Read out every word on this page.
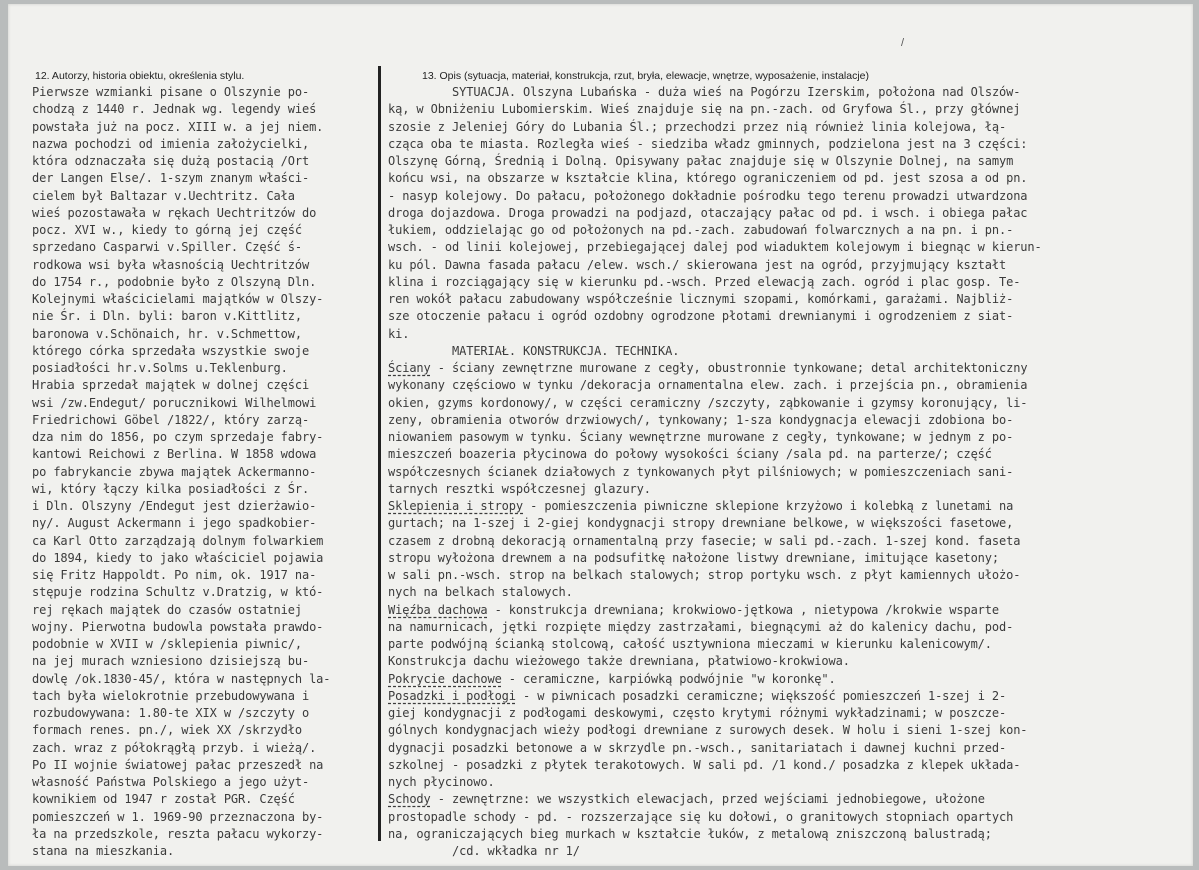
/
12. Autorzy, historia obiektu, określenia stylu.	13. Opis (sytuacja, materiał, konstrukcja, rzut, bryła, elewacje, wnętrze, wyposażenie, instalacje)
Pierwsze wzmianki pisane o Olszynie po-
chodzą z 1440 r. Jednak wg. legendy wieś
powstała już na pocz. XIII w. a jej niem.
nazwa pochodzi od imienia założycielki,
która odznaczała się dużą postacią /Ort
der Langen Else/. 1-szym znanym właści-
cielem był Baltazar v.Uechtritz. Cała
wieś pozostawała w rękach Uechtritzów do
pocz. XVI w., kiedy to górną jej część
sprzedano Casparwi v.Spiller. Część ś-
rodkowa wsi była własnością Uechtritzów
do 1754 r., podobnie było z Olszyną Dln.
Kolejnymi właścicielami majątków w Olszy-
nie Śr. i Dln. byli: baron v.Kittlitz,
baronowa v.Schönaich, hr. v.Schmettow,
którego córka sprzedała wszystkie swoje
posiadłości hr.v.Solms u.Teklenburg.
Hrabia sprzedał majątek w dolnej części
wsi /zw.Endegut/ porucznikowi Wilhelmowi
Friedrichowi Göbel /1822/, który zarzą-
dza nim do 1856, po czym sprzedaje fabry-
kantowi Reichowi z Berlina. W 1858 wdowa
po fabrykancie zbywa majątek Ackermanno-
wi, który łączy kilka posiadłości z Śr.
i Dln. Olszyny /Endegut jest dzierżawio-
ny/. August Ackermann i jego spadkobier-
ca Karl Otto zarządzają dolnym folwarkiem
do 1894, kiedy to jako właściciel pojawia
się Fritz Happoldt. Po nim, ok. 1917 na-
stępuje rodzina Schultz v.Dratzig, w któ-
rej rękach majątek do czasów ostatniej
wojny. Pierwotna budowla powstała prawdo-
podobnie w XVII w /sklepienia piwnic/,
na jej murach wzniesiono dzisiejszą bu-
dowlę /ok.1830-45/, która w następnych la-
tach była wielokrotnie przebudowywana i
rozbudowywana: 1.80-te XIX w /szczyty o
formach renes. pn./, wiek XX /skrzydło
zach. wraz z półokrągłą przyb. i wieżą/.
Po II wojnie światowej pałac przeszedł na
własność Państwa Polskiego a jego użyt-
kownikiem od 1947 r został PGR. Część
pomieszczeń w 1. 1969-90 przeznaczona by-
ła na przedszkole, reszta pałacu wykorzy-
stana na mieszkania.
SYTUACJA. Olszyna Lubańska - duża wieś na Pogórzu Izerskim, położona nad Olszów-
ką, w Obniżeniu Lubomierskim. Wieś znajduje się na pn.-zach. od Gryfowa Śl., przy głównej
szosie z Jeleniej Góry do Lubania Śl.; przechodzi przez nią również linia kolejowa, łą-
cząca oba te miasta. Rozległa wieś - siedziba władz gminnych, podzielona jest na 3 części:
Olszynę Górną, Średnią i Dolną. Opisywany pałac znajduje się w Olszynie Dolnej, na samym
końcu wsi, na obszarze w kształcie klina, którego ograniczeniem od pd. jest szosa a od pn.
- nasyp kolejowy. Do pałacu, położonego dokładnie pośrodku tego terenu prowadzi utwardzona
droga dojazdowa. Droga prowadzi na podjazd, otaczający pałac od pd. i wsch. i obiega pałac
łukiem, oddzielając go od położonych na pd.-zach. zabudowań folwarcznych a na pn. i pn.-
wsch. - od linii kolejowej, przebiegającej dalej pod wiaduktem kolejowym i biegnąc w kierun-
ku pól. Dawna fasada pałacu /elew. wsch./ skierowana jest na ogród, przyjmujący kształt
klina i rozciągający się w kierunku pd.-wsch. Przed elewacją zach. ogród i plac gosp. Te-
ren wokół pałacu zabudowany współcześnie licznymi szopami, komórkami, garażami. Najbliż-
sze otoczenie pałacu i ogród ozdobny ogrodzone płotami drewnianymi i ogrodzeniem z siat-
ki.
MATERIAŁ. KONSTRUKCJA. TECHNIKA.
Ściany - ściany zewnętrzne murowane z cegły, obustronnie tynkowane; detal architektoniczny
wykonany częściowo w tynku /dekoracja ornamentalna elew. zach. i przejścia pn., obramienia
okien, gzyms kordonowy/, w części ceramiczny /szczyty, ząbkowanie i gzymsy koronujący, li-
zeny, obramienia otworów drzwiowych/, tynkowany; 1-sza kondygnacja elewacji zdobiona bo-
niowaniem pasowym w tynku. Ściany wewnętrzne murowane z cegły, tynkowane; w jednym z po-
mieszczeń boazeria płycinowa do połowy wysokości ściany /sala pd. na parterze/; część
współczesnych ścianek działowych z tynkowanych płyt pilśniowych; w pomieszczeniach sani-
tarnych resztki współczesnej glazury.
Sklepienia i stropy - pomieszczenia piwniczne sklepione krzyżowo i kolebką z lunetami na
gurtach; na 1-szej i 2-giej kondygnacji stropy drewniane belkowe, w większości fasetowe,
czasem z drobną dekoracją ornamentalną przy fasecie; w sali pd.-zach. 1-szej kond. faseta
stropu wyłożona drewnem a na podsufitkę nałożone listwy drewniane, imitujące kasetony;
w sali pn.-wsch. strop na belkach stalowych; strop portyku wsch. z płyt kamiennych ułożo-
nych na belkach stalowych.
Więźba dachowa - konstrukcja drewniana; krokwiowo-jętkowa , nietypowa /krokwie wsparte
na namurnicach, jętki rozpięte między zastrzałami, biegnącymi aż do kalenicy dachu, pod-
parte podwójną ścianką stolcową, całość usztywniona mieczami w kierunku kalenicowym/.
Konstrukcja dachu wieżowego także drewniana, płatwiowo-krokwiowa.
Pokrycie dachowe - ceramiczne, karpiówką podwójnie "w koronkę".
Posadzki i podłogi - w piwnicach posadzki ceramiczne; większość pomieszczeń 1-szej i 2-
giej kondygnacji z podłogami deskowymi, często krytymi różnymi wykładzinami; w poszcze-
gólnych kondygnacjach wieży podłogi drewniane z surowych desek. W holu i sieni 1-szej kon-
dygnacji posadzki betonowe a w skrzydle pn.-wsch., sanitariatach i dawnej kuchni przed-
szkolnej - posadzki z płytek terakotowych. W sali pd. /1 kond./ posadzka z klepek układa-
nych płycinowo.
Schody - zewnętrzne: we wszystkich elewacjach, przed wejściami jednobiegowe, ułożone
prostopadle schody - pd. - rozszerzające się ku dołowi, o granitowych stopniach opartych
na, ograniczających bieg murkach w kształcie łuków, z metalową zniszczoną balustradą;
/cd. wkładka nr 1/
